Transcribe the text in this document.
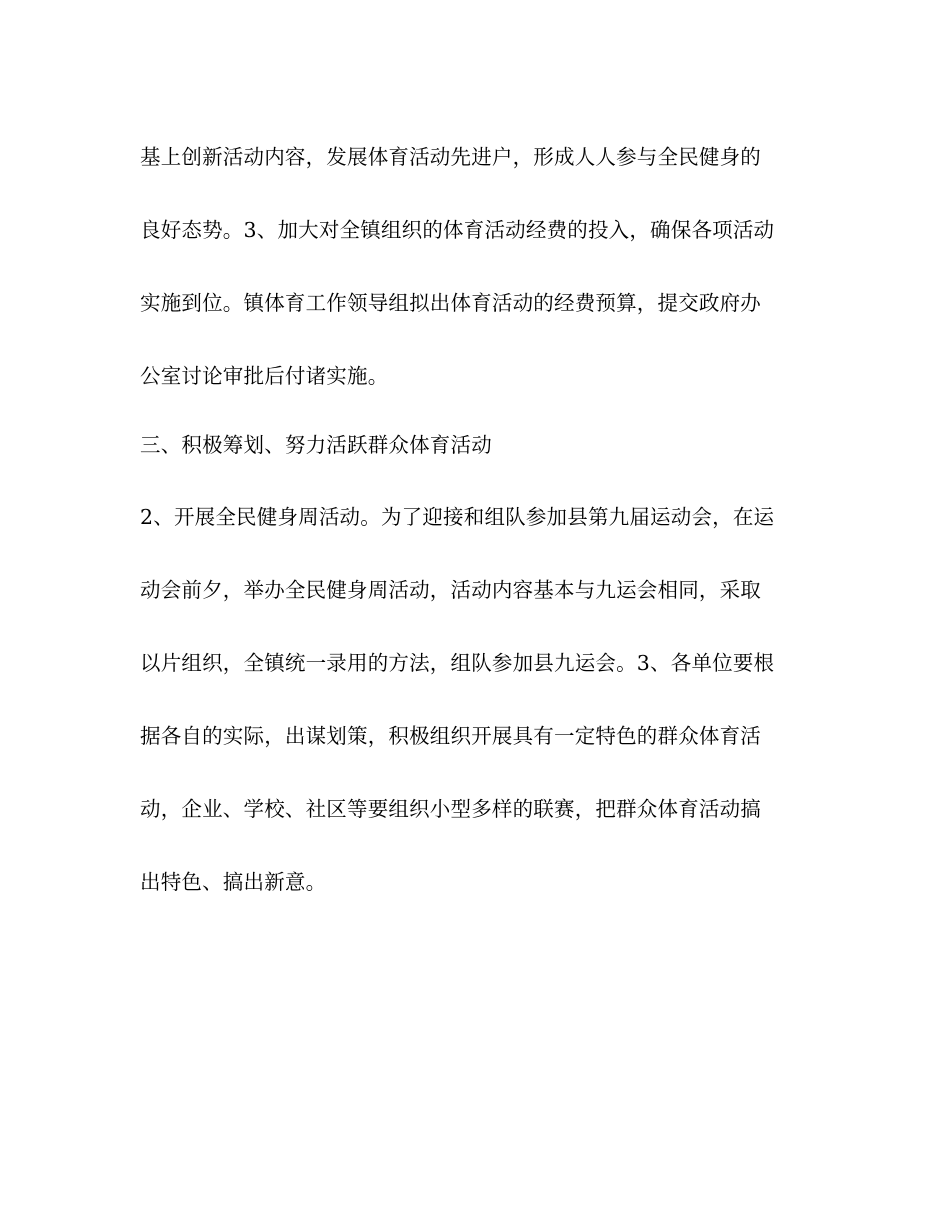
基上创新活动内容，发展体育活动先进户，形成人人参与全民健身的
良好态势。3、加大对全镇组织的体育活动经费的投入，确保各项活动
实施到位。镇体育工作领导组拟出体育活动的经费预算，提交政府办
公室讨论审批后付诸实施。
三、积极筹划、努力活跃群众体育活动
2、开展全民健身周活动。为了迎接和组队参加县第九届运动会，在运
动会前夕，举办全民健身周活动，活动内容基本与九运会相同，采取
以片组织，全镇统一录用的方法，组队参加县九运会。3、各单位要根
据各自的实际，出谋划策，积极组织开展具有一定特色的群众体育活
动，企业、学校、社区等要组织小型多样的联赛，把群众体育活动搞
出特色、搞出新意。
